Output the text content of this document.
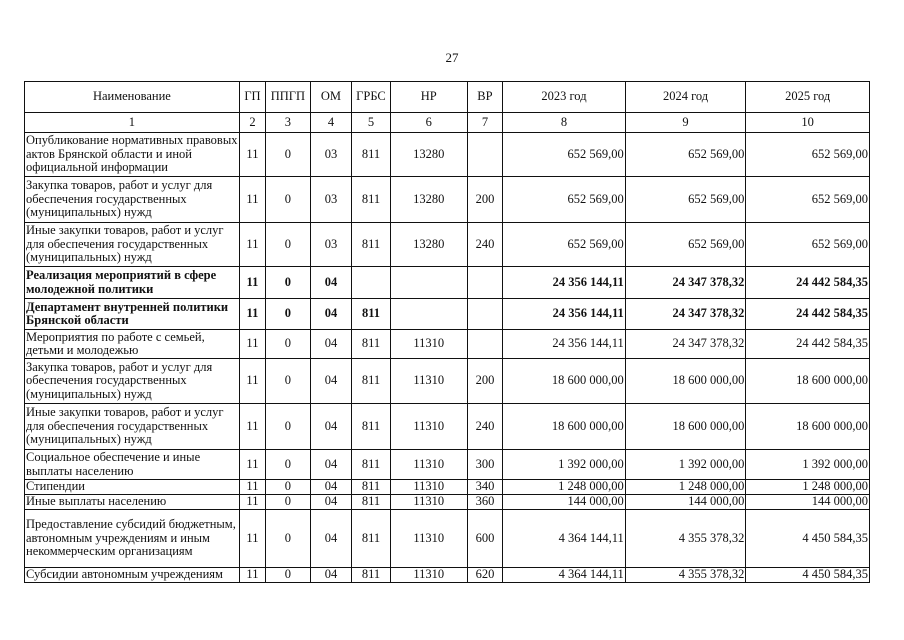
27
Наименование	ГП	ППГП	ОМ	ГРБС	НР	ВР	2023 год	2024 год	2025 год
1	2	3	4	5	6	7	8	9	10
Опубликование нормативных правовых актов Брянской области и иной официальной информации	11	0	03	811	13280		652 569,00	652 569,00	652 569,00
Закупка товаров, работ и услуг для обеспечения государственных (муниципальных) нужд	11	0	03	811	13280	200	652 569,00	652 569,00	652 569,00
Иные закупки товаров, работ и услуг для обеспечения государственных (муниципальных) нужд	11	0	03	811	13280	240	652 569,00	652 569,00	652 569,00
Реализация мероприятий в сфере молодежной политики	11	0	04				24 356 144,11	24 347 378,32	24 442 584,35
Департамент внутренней политики Брянской области	11	0	04	811			24 356 144,11	24 347 378,32	24 442 584,35
Мероприятия по работе с семьей, детьми и молодежью	11	0	04	811	11310		24 356 144,11	24 347 378,32	24 442 584,35
Закупка товаров, работ и услуг для обеспечения государственных (муниципальных) нужд	11	0	04	811	11310	200	18 600 000,00	18 600 000,00	18 600 000,00
Иные закупки товаров, работ и услуг для обеспечения государственных (муниципальных) нужд	11	0	04	811	11310	240	18 600 000,00	18 600 000,00	18 600 000,00
Социальное обеспечение и иные выплаты населению	11	0	04	811	11310	300	1 392 000,00	1 392 000,00	1 392 000,00
Стипендии	11	0	04	811	11310	340	1 248 000,00	1 248 000,00	1 248 000,00
Иные выплаты населению	11	0	04	811	11310	360	144 000,00	144 000,00	144 000,00
Предоставление субсидий бюджетным, автономным учреждениям и иным некоммерческим организациям	11	0	04	811	11310	600	4 364 144,11	4 355 378,32	4 450 584,35
Субсидии автономным учреждениям	11	0	04	811	11310	620	4 364 144,11	4 355 378,32	4 450 584,35
